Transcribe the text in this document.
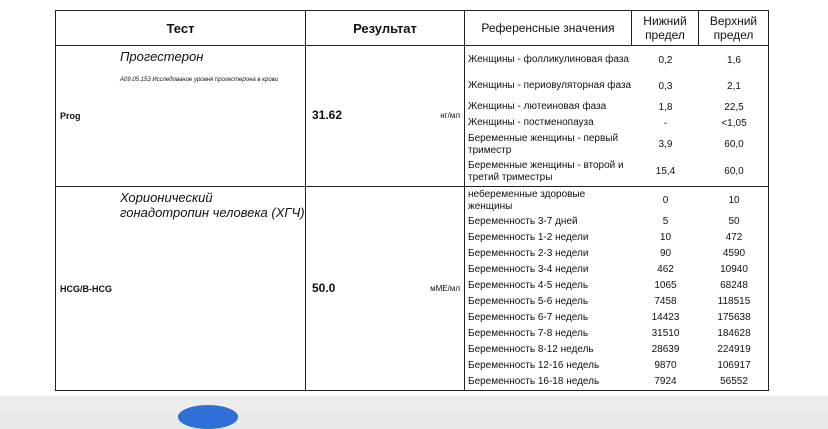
Тест	Результат	Референсные значения	Нижний предел	Верхний предел

Прогестерон
A09.05.153 Исследование уровня прогестерона в крови
Prog	31.62	нг/мл

Женщины - фолликулиновая фаза	0,2	1,6
Женщины - периовуляторная фаза	0,3	2,1
Женщины - лютеиновая фаза	1,8	22,5
Женщины - постменопауза	-	<1,05
Беременные женщины - первый триместр	3,9	60,0
Беременные женщины - второй и третий триместры	15,4	60,0

Хорионический гонадотропин человека (ХГЧ)
HCG/B-HCG	50.0	мМЕ/мл

небеременные здоровые женщины	0	10
Беременность 3-7 дней	5	50
Беременность 1-2 недели	10	472
Беременность 2-3 недели	90	4590
Беременность 3-4 недели	462	10940
Беременность 4-5 недель	1065	68248
Беременность 5-6 недель	7458	118515
Беременность 6-7 недель	14423	175638
Беременность 7-8 недель	31510	184628
Беременность 8-12 недель	28639	224919
Беременность 12-16 недель	9870	106917
Беременность 16-18 недель	7924	56552
